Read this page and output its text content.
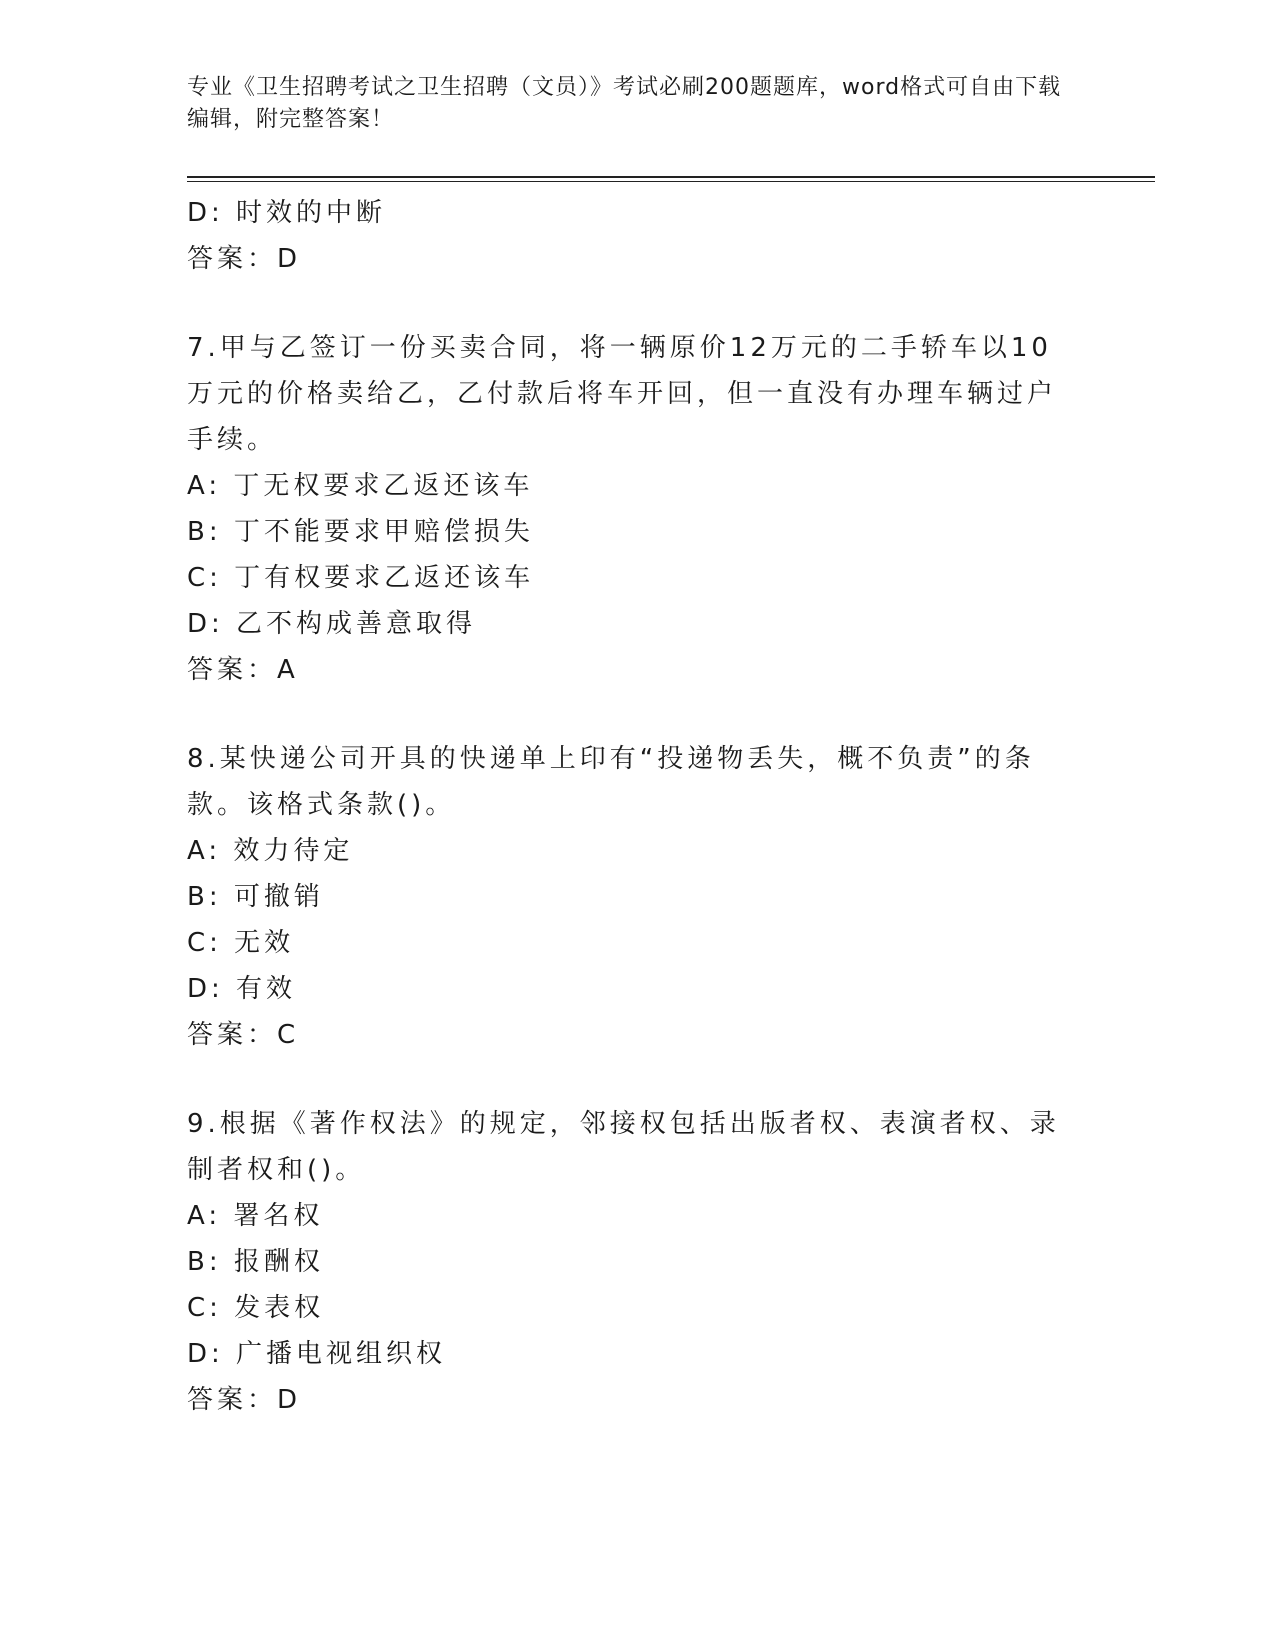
专业《卫生招聘考试之卫生招聘（文员）》考试必刷200题题库，word格式可自由下载编辑，附完整答案！
D: 时效的中断
答案：D
7.甲与乙签订一份买卖合同，将一辆原价12万元的二手轿车以10万元的价格卖给乙，乙付款后将车开回，但一直没有办理车辆过户手续。
A: 丁无权要求乙返还该车
B: 丁不能要求甲赔偿损失
C: 丁有权要求乙返还该车
D: 乙不构成善意取得
答案：A
8.某快递公司开具的快递单上印有“投递物丢失，概不负责”的条款。该格式条款()。
A: 效力待定
B: 可撤销
C: 无效
D: 有效
答案：C
9.根据《著作权法》的规定，邻接权包括出版者权、表演者权、录制者权和()。
A: 署名权
B: 报酬权
C: 发表权
D: 广播电视组织权
答案：D
